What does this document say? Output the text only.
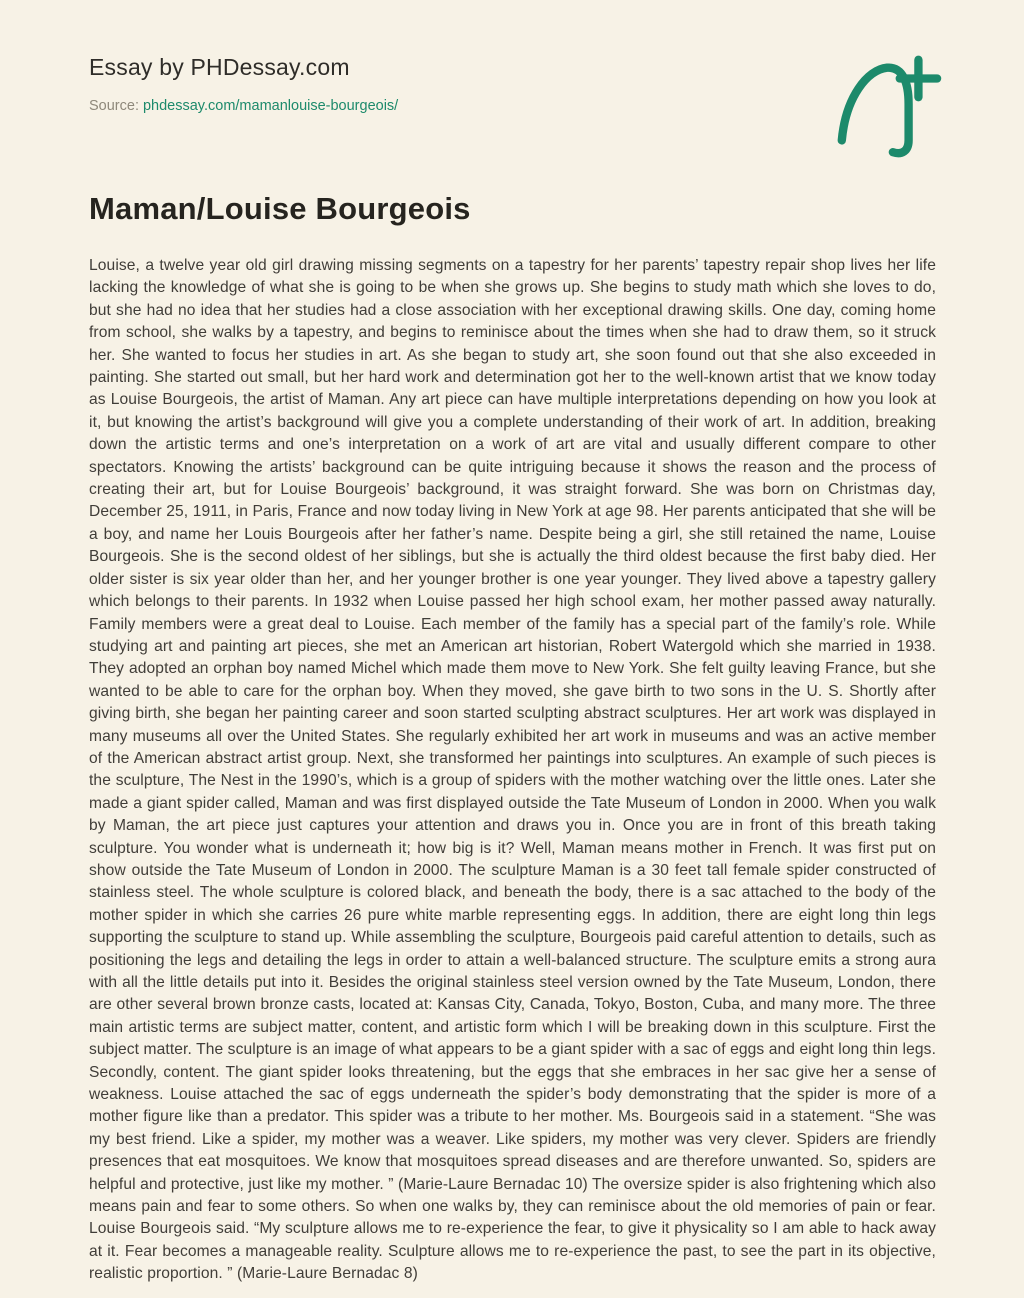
Essay by PHDessay.com
Source: phdessay.com/mamanlouise-bourgeois/
Maman/Louise Bourgeois

Louise, a twelve year old girl drawing missing segments on a tapestry for her parents’ tapestry repair shop lives her life lacking the knowledge of what she is going to be when she grows up. She begins to study math which she loves to do, but she had no idea that her studies had a close association with her exceptional drawing skills. One day, coming home from school, she walks by a tapestry, and begins to reminisce about the times when she had to draw them, so it struck her. She wanted to focus her studies in art. As she began to study art, she soon found out that she also exceeded in painting. She started out small, but her hard work and determination got her to the well-known artist that we know today as Louise Bourgeois, the artist of Maman. Any art piece can have multiple interpretations depending on how you look at it, but knowing the artist’s background will give you a complete understanding of their work of art. In addition, breaking down the artistic terms and one’s interpretation on a work of art are vital and usually different compare to other spectators. Knowing the artists’ background can be quite intriguing because it shows the reason and the process of creating their art, but for Louise Bourgeois’ background, it was straight forward. She was born on Christmas day, December 25, 1911, in Paris, France and now today living in New York at age 98. Her parents anticipated that she will be a boy, and name her Louis Bourgeois after her father’s name. Despite being a girl, she still retained the name, Louise Bourgeois. She is the second oldest of her siblings, but she is actually the third oldest because the first baby died. Her older sister is six year older than her, and her younger brother is one year younger. They lived above a tapestry gallery which belongs to their parents. In 1932 when Louise passed her high school exam, her mother passed away naturally. Family members were a great deal to Louise. Each member of the family has a special part of the family’s role. While studying art and painting art pieces, she met an American art historian, Robert Watergold which she married in 1938. They adopted an orphan boy named Michel which made them move to New York. She felt guilty leaving France, but she wanted to be able to care for the orphan boy. When they moved, she gave birth to two sons in the U. S. Shortly after giving birth, she began her painting career and soon started sculpting abstract sculptures. Her art work was displayed in many museums all over the United States. She regularly exhibited her art work in museums and was an active member of the American abstract artist group. Next, she transformed her paintings into sculptures. An example of such pieces is the sculpture, The Nest in the 1990’s, which is a group of spiders with the mother watching over the little ones. Later she made a giant spider called, Maman and was first displayed outside the Tate Museum of London in 2000. When you walk by Maman, the art piece just captures your attention and draws you in. Once you are in front of this breath taking sculpture. You wonder what is underneath it; how big is it? Well, Maman means mother in French. It was first put on show outside the Tate Museum of London in 2000. The sculpture Maman is a 30 feet tall female spider constructed of stainless steel. The whole sculpture is colored black, and beneath the body, there is a sac attached to the body of the mother spider in which she carries 26 pure white marble representing eggs. In addition, there are eight long thin legs supporting the sculpture to stand up. While assembling the sculpture, Bourgeois paid careful attention to details, such as positioning the legs and detailing the legs in order to attain a well-balanced structure. The sculpture emits a strong aura with all the little details put into it. Besides the original stainless steel version owned by the Tate Museum, London, there are other several brown bronze casts, located at: Kansas City, Canada, Tokyo, Boston, Cuba, and many more. The three main artistic terms are subject matter, content, and artistic form which I will be breaking down in this sculpture. First the subject matter. The sculpture is an image of what appears to be a giant spider with a sac of eggs and eight long thin legs. Secondly, content. The giant spider looks threatening, but the eggs that she embraces in her sac give her a sense of weakness. Louise attached the sac of eggs underneath the spider’s body demonstrating that the spider is more of a mother figure like than a predator. This spider was a tribute to her mother. Ms. Bourgeois said in a statement. “She was my best friend. Like a spider, my mother was a weaver. Like spiders, my mother was very clever. Spiders are friendly presences that eat mosquitoes. We know that mosquitoes spread diseases and are therefore unwanted. So, spiders are helpful and protective, just like my mother. ” (Marie-Laure Bernadac 10) The oversize spider is also frightening which also means pain and fear to some others. So when one walks by, they can reminisce about the old memories of pain or fear. Louise Bourgeois said. “My sculpture allows me to re-experience the fear, to give it physicality so I am able to hack away at it. Fear becomes a manageable reality. Sculpture allows me to re-experience the past, to see the part in its objective, realistic proportion. ” (Marie-Laure Bernadac 8)
